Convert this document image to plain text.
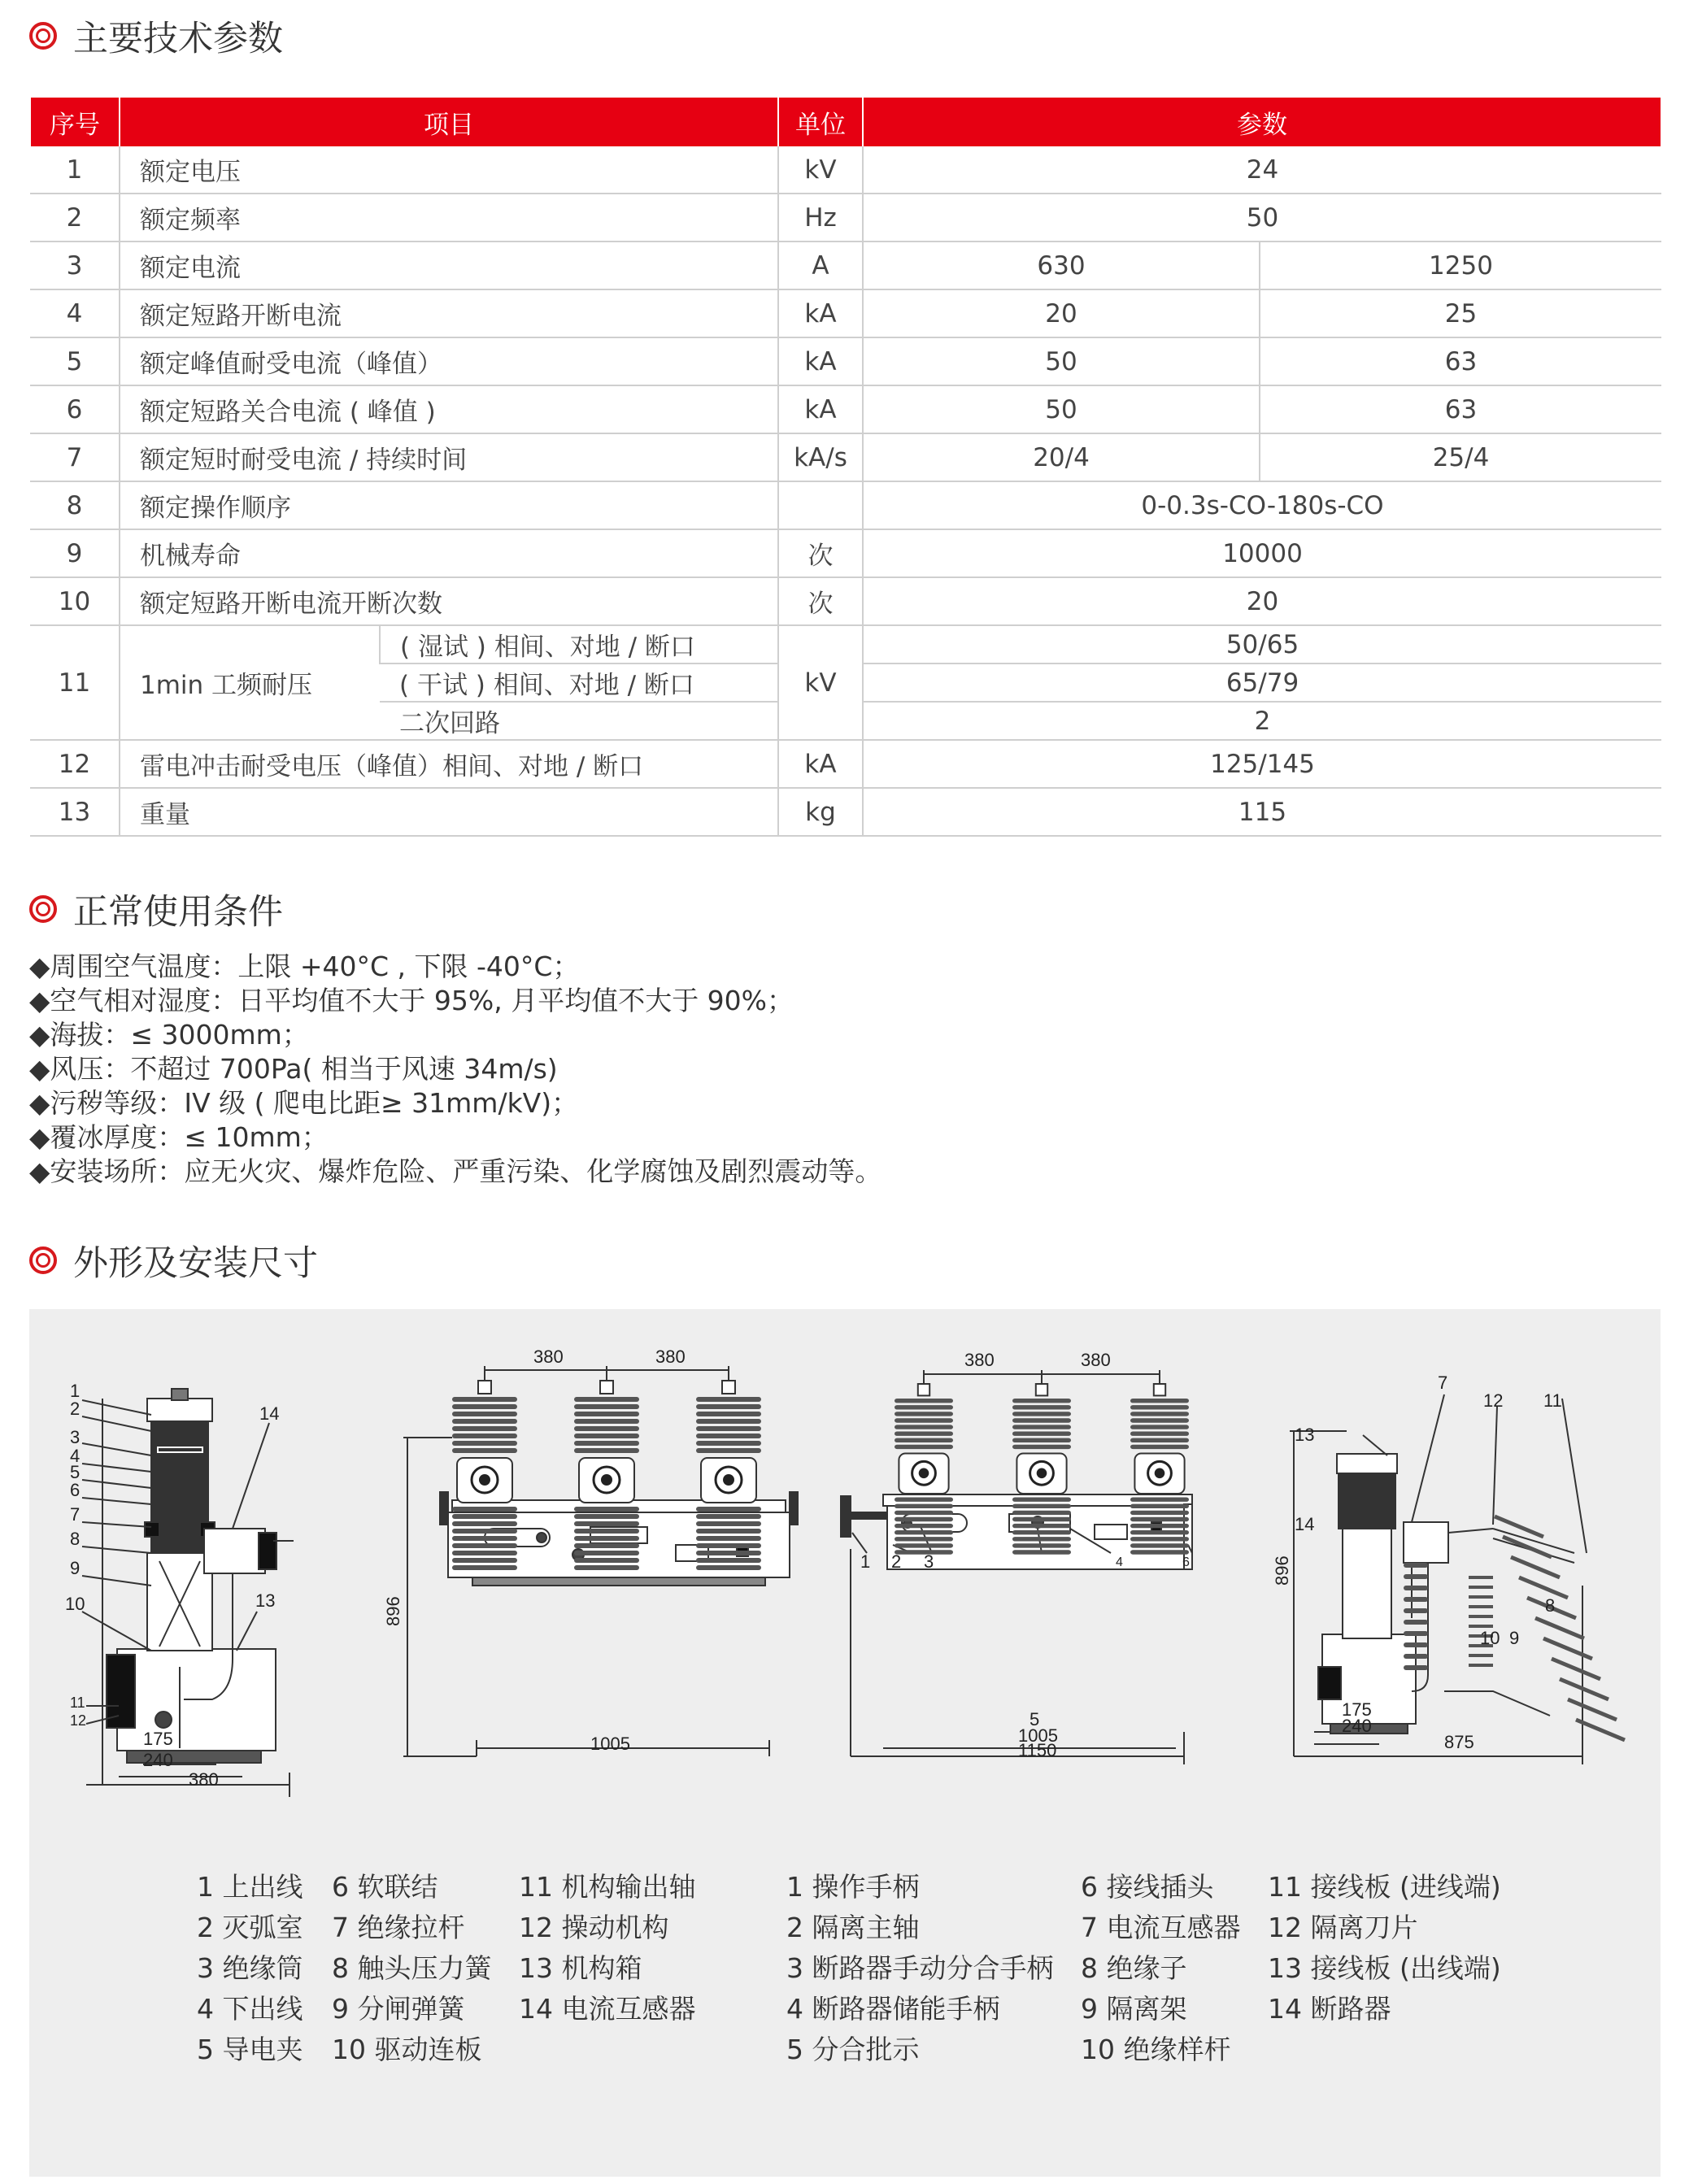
主要技术参数
序号	项目		单位	参数	
1	额定电压		kV	24	
2	额定频率		Hz	50	
3	额定电流		A	630	1250
4	额定短路开断电流		kA	20	25
5	额定峰值耐受电流（峰值）		kA	50	63
6	额定短路关合电流 ( 峰值 )		kA	50	63
7	额定短时耐受电流 / 持续时间		kA/s	20/4	25/4
8	额定操作顺序			0-0.3s-CO-180s-CO	
9	机械寿命		次	10000	
10	额定短路开断电流开断次数		次	20	
11	1min 工频耐压	( 湿试 ) 相间、对地 / 断口	kV	50/65	
		( 干试 ) 相间、对地 / 断口		65/79	
		二次回路		2	
12	雷电冲击耐受电压（峰值）相间、对地 / 断口		kA	125/145	
13	重量		kg	115	
正常使用条件
◆周围空气温度：上限 +40°C , 下限 -40°C；
◆空气相对湿度：日平均值不大于 95%, 月平均值不大于 90%；
◆海拔：≤ 3000mm；
◆风压：不超过 700Pa( 相当于风速 34m/s)
◆污秽等级：IV 级 ( 爬电比距≥ 31mm/kV)；
◆覆冰厚度：≤ 10mm；
◆安装场所：应无火灾、爆炸危险、严重污染、化学腐蚀及剧烈震动等。
外形及安装尺寸
1
2
3
4
5
6
7
8
9
10
11
12
13
14
175
240
380
380	380
896
1005
380	380
1005
1150
1 2 3	4
5
6
7
12 11
13
14
8
10 9
896
175
240
875
1 上出线 6 软联结	11 机构输出轴
2 灭弧室 7 绝缘拉杆 12 操动机构
3 绝缘筒 8 触头压力簧 13 机构箱
4 下出线 9 分闸弹簧 14 电流互感器
5 导电夹 10 驱动连板
1 操作手柄	6 接线插头 11 接线板 (进线端)
2 隔离主轴	7 电流互感器 12 隔离刀片
3 断路器手动分合手柄 8 绝缘子	13 接线板 (出线端)
4 断路器储能手柄	9 隔离架	14 断路器
5 分合批示	10 绝缘样杆
